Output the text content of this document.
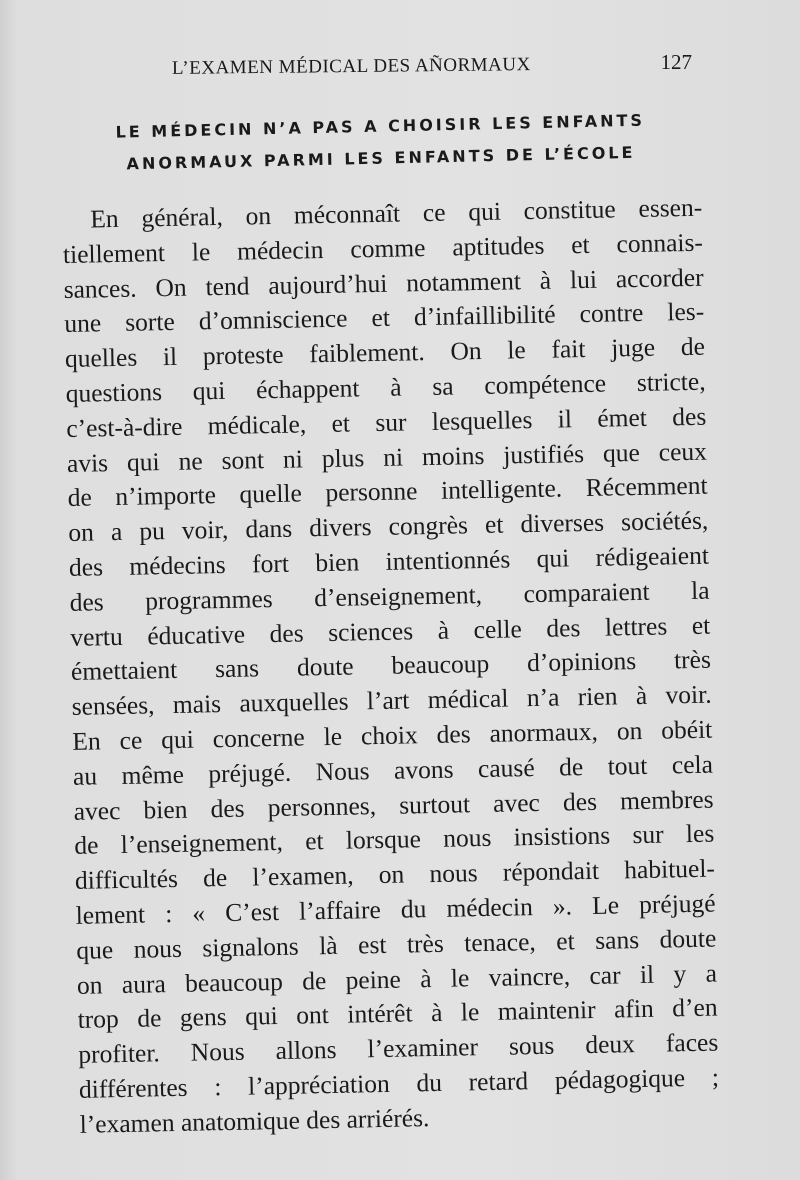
L’EXAMEN MÉDICAL DES AÑORMAUX	127
LE MÉDECIN N’A PAS A CHOISIR LES ENFANTS
ANORMAUX PARMI LES ENFANTS DE L’ÉCOLE
En général, on méconnaît ce qui constitue essen-
tiellement le médecin comme aptitudes et connais-
sances. On tend aujourd’hui notamment à lui accorder
une sorte d’omniscience et d’infaillibilité contre les-
quelles il proteste faiblement. On le fait juge de
questions qui échappent à sa compétence stricte,
c’est-à-dire médicale, et sur lesquelles il émet des
avis qui ne sont ni plus ni moins justifiés que ceux
de n’importe quelle personne intelligente. Récemment
on a pu voir, dans divers congrès et diverses sociétés,
des médecins fort bien intentionnés qui rédigeaient
des programmes d’enseignement, comparaient la
vertu éducative des sciences à celle des lettres et
émettaient sans doute beaucoup d’opinions très
sensées, mais auxquelles l’art médical n’a rien à voir.
En ce qui concerne le choix des anormaux, on obéit
au même préjugé. Nous avons causé de tout cela
avec bien des personnes, surtout avec des membres
de l’enseignement, et lorsque nous insistions sur les
difficultés de l’examen, on nous répondait habituel-
lement : « C’est l’affaire du médecin ». Le préjugé
que nous signalons là est très tenace, et sans doute
on aura beaucoup de peine à le vaincre, car il y a
trop de gens qui ont intérêt à le maintenir afin d’en
profiter. Nous allons l’examiner sous deux faces
différentes : l’appréciation du retard pédagogique ;
l’examen anatomique des arriérés.
